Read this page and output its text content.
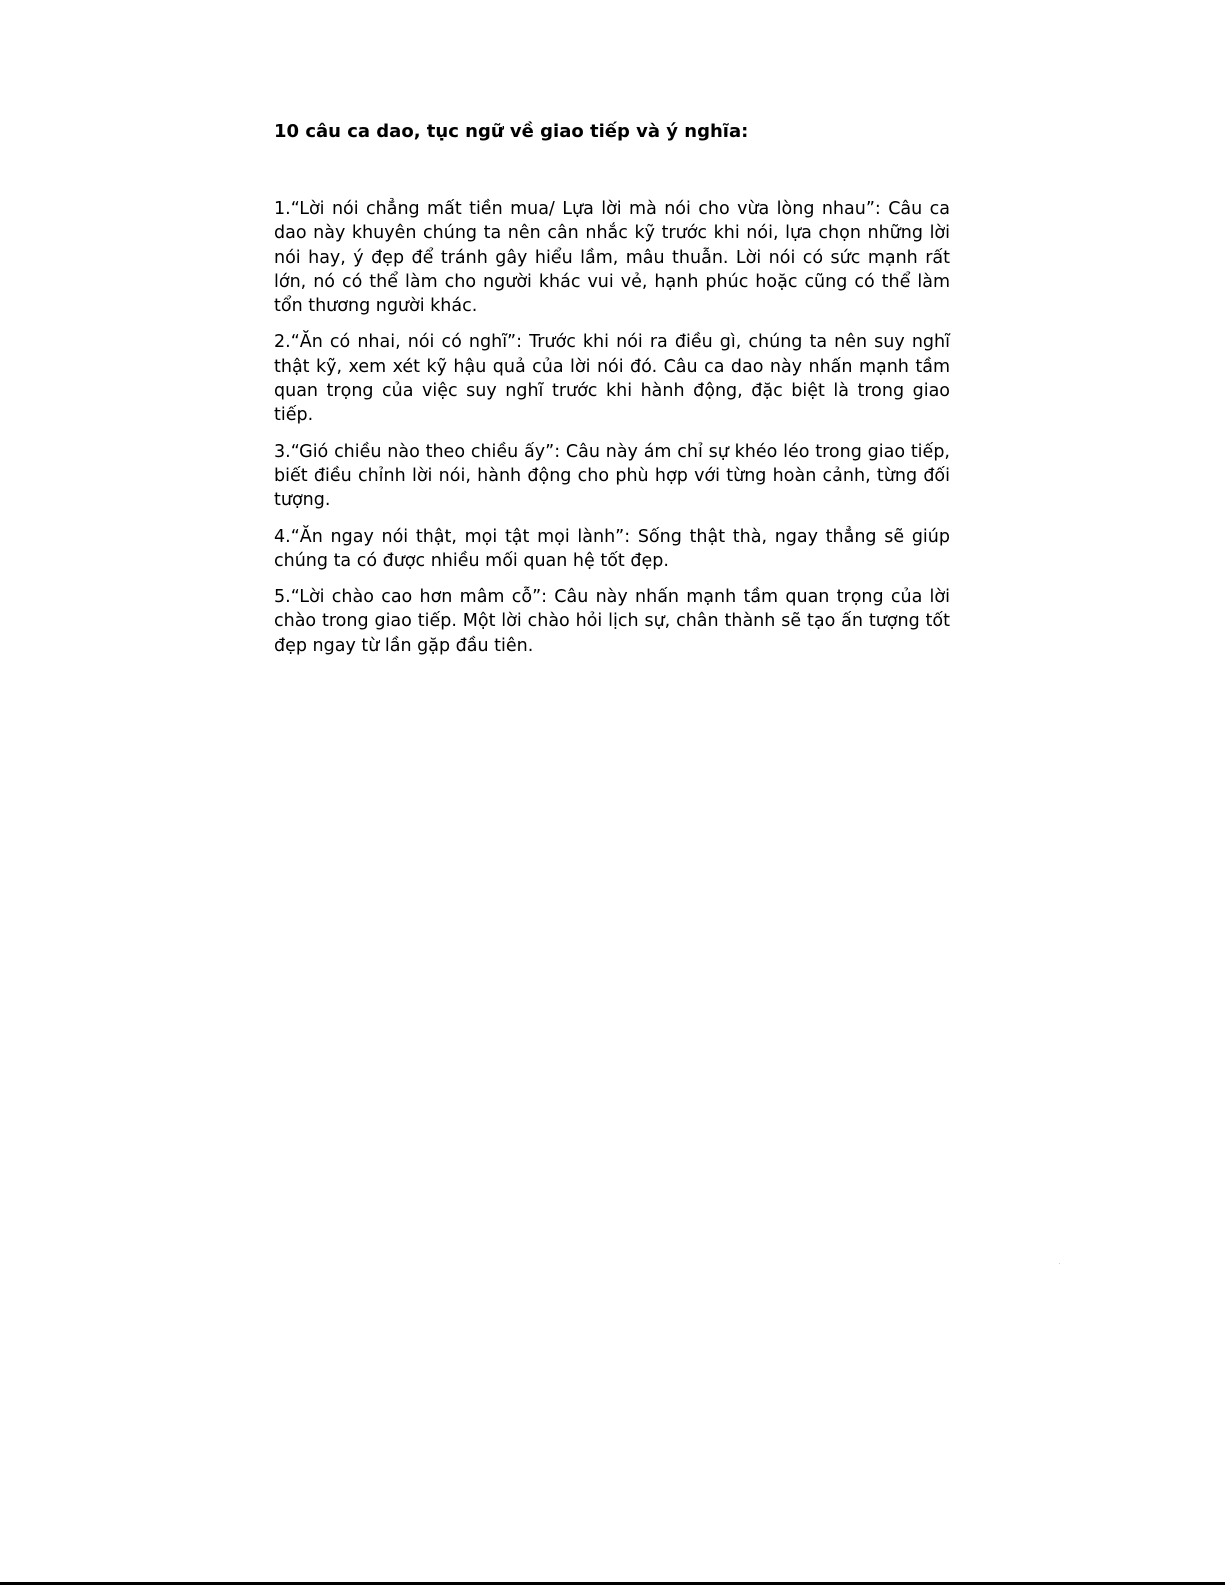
10 câu ca dao, tục ngữ về giao tiếp và ý nghĩa:

1.“Lời nói chẳng mất tiền mua/ Lựa lời mà nói cho vừa lòng nhau”: Câu ca dao này khuyên chúng ta nên cân nhắc kỹ trước khi nói, lựa chọn những lời nói hay, ý đẹp để tránh gây hiểu lầm, mâu thuẫn. Lời nói có sức mạnh rất lớn, nó có thể làm cho người khác vui vẻ, hạnh phúc hoặc cũng có thể làm tổn thương người khác.

2.“Ăn có nhai, nói có nghĩ”: Trước khi nói ra điều gì, chúng ta nên suy nghĩ thật kỹ, xem xét kỹ hậu quả của lời nói đó. Câu ca dao này nhấn mạnh tầm quan trọng của việc suy nghĩ trước khi hành động, đặc biệt là trong giao tiếp.

3.“Gió chiều nào theo chiều ấy”: Câu này ám chỉ sự khéo léo trong giao tiếp, biết điều chỉnh lời nói, hành động cho phù hợp với từng hoàn cảnh, từng đối tượng.

4.“Ăn ngay nói thật, mọi tật mọi lành”: Sống thật thà, ngay thẳng sẽ giúp chúng ta có được nhiều mối quan hệ tốt đẹp.

5.“Lời chào cao hơn mâm cỗ”: Câu này nhấn mạnh tầm quan trọng của lời chào trong giao tiếp. Một lời chào hỏi lịch sự, chân thành sẽ tạo ấn tượng tốt đẹp ngay từ lần gặp đầu tiên.
